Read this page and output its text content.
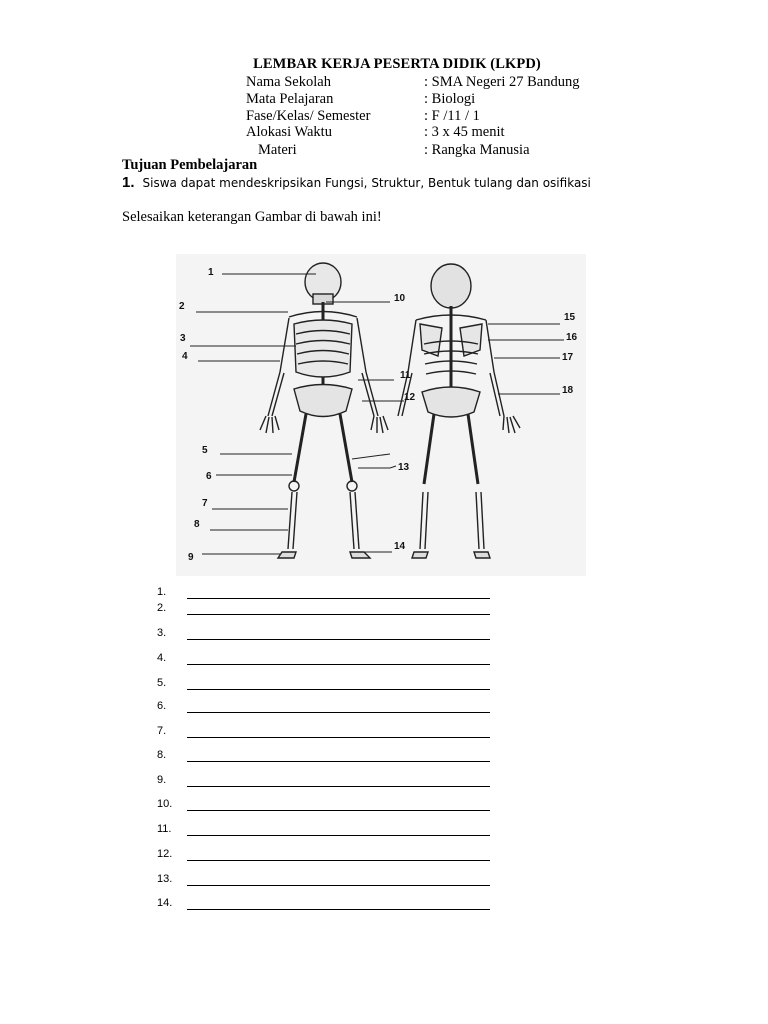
LEMBAR KERJA PESERTA DIDIK (LKPD)
Nama Sekolah	: SMA Negeri 27 Bandung
Mata Pelajaran	: Biologi
Fase/Kelas/ Semester	: F /11 / 1
Alokasi Waktu	: 3 x 45 menit
Materi	: Rangka Manusia
Tujuan Pembelajaran
1. Siswa dapat mendeskripsikan Fungsi, Struktur, Bentuk tulang dan osifikasi
Selesaikan keterangan Gambar di bawah ini!
1
2
3
4
5
6
7
8
9
10
11
12
13
14
15
16
17
18
1.
2.
3.
4.
5.
6.
7.
8.
9.
10.
11.
12.
13.
14.
